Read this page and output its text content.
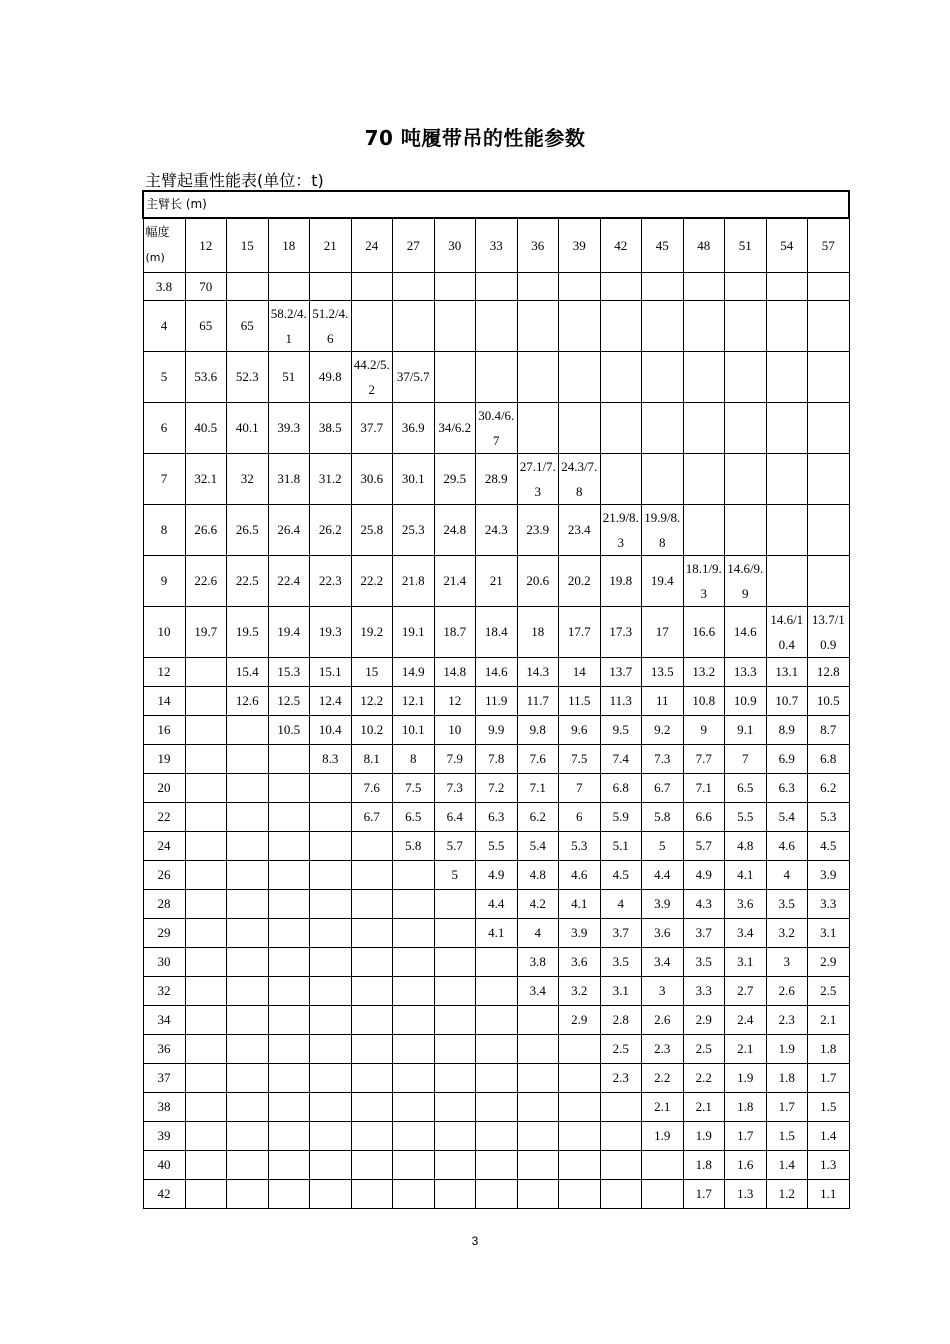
70 吨履带吊的性能参数
主臂起重性能表(单位：t)
主臂长 (m)																

幅度
(m)	12	15	18	21	24	27	30	33	36	39	42	45	48	51	54	57
3.8	70															
4	65	65	58.2/4.1	51.2/4.6												
5	53.6	52.3	51	49.8	44.2/5.2	37/5.7										
6	40.5	40.1	39.3	38.5	37.7	36.9	34/6.2	30.4/6.7								
7	32.1	32	31.8	31.2	30.6	30.1	29.5	28.9	27.1/7.3	24.3/7.8						
8	26.6	26.5	26.4	26.2	25.8	25.3	24.8	24.3	23.9	23.4	21.9/8.3	19.9/8.8				
9	22.6	22.5	22.4	22.3	22.2	21.8	21.4	21	20.6	20.2	19.8	19.4	18.1/9.3	14.6/9.9		
10	19.7	19.5	19.4	19.3	19.2	19.1	18.7	18.4	18	17.7	17.3	17	16.6	14.6	14.6/10.4	13.7/10.9
12		15.4	15.3	15.1	15	14.9	14.8	14.6	14.3	14	13.7	13.5	13.2	13.3	13.1	12.8
14		12.6	12.5	12.4	12.2	12.1	12	11.9	11.7	11.5	11.3	11	10.8	10.9	10.7	10.5
16			10.5	10.4	10.2	10.1	10	9.9	9.8	9.6	9.5	9.2	9	9.1	8.9	8.7
19				8.3	8.1	8	7.9	7.8	7.6	7.5	7.4	7.3	7.7	7	6.9	6.8
20					7.6	7.5	7.3	7.2	7.1	7	6.8	6.7	7.1	6.5	6.3	6.2
22					6.7	6.5	6.4	6.3	6.2	6	5.9	5.8	6.6	5.5	5.4	5.3
24						5.8	5.7	5.5	5.4	5.3	5.1	5	5.7	4.8	4.6	4.5
26							5	4.9	4.8	4.6	4.5	4.4	4.9	4.1	4	3.9
28								4.4	4.2	4.1	4	3.9	4.3	3.6	3.5	3.3
29								4.1	4	3.9	3.7	3.6	3.7	3.4	3.2	3.1
30									3.8	3.6	3.5	3.4	3.5	3.1	3	2.9
32									3.4	3.2	3.1	3	3.3	2.7	2.6	2.5
34										2.9	2.8	2.6	2.9	2.4	2.3	2.1
36											2.5	2.3	2.5	2.1	1.9	1.8
37											2.3	2.2	2.2	1.9	1.8	1.7
38												2.1	2.1	1.8	1.7	1.5
39												1.9	1.9	1.7	1.5	1.4
40													1.8	1.6	1.4	1.3
42													1.7	1.3	1.2	1.1
3
